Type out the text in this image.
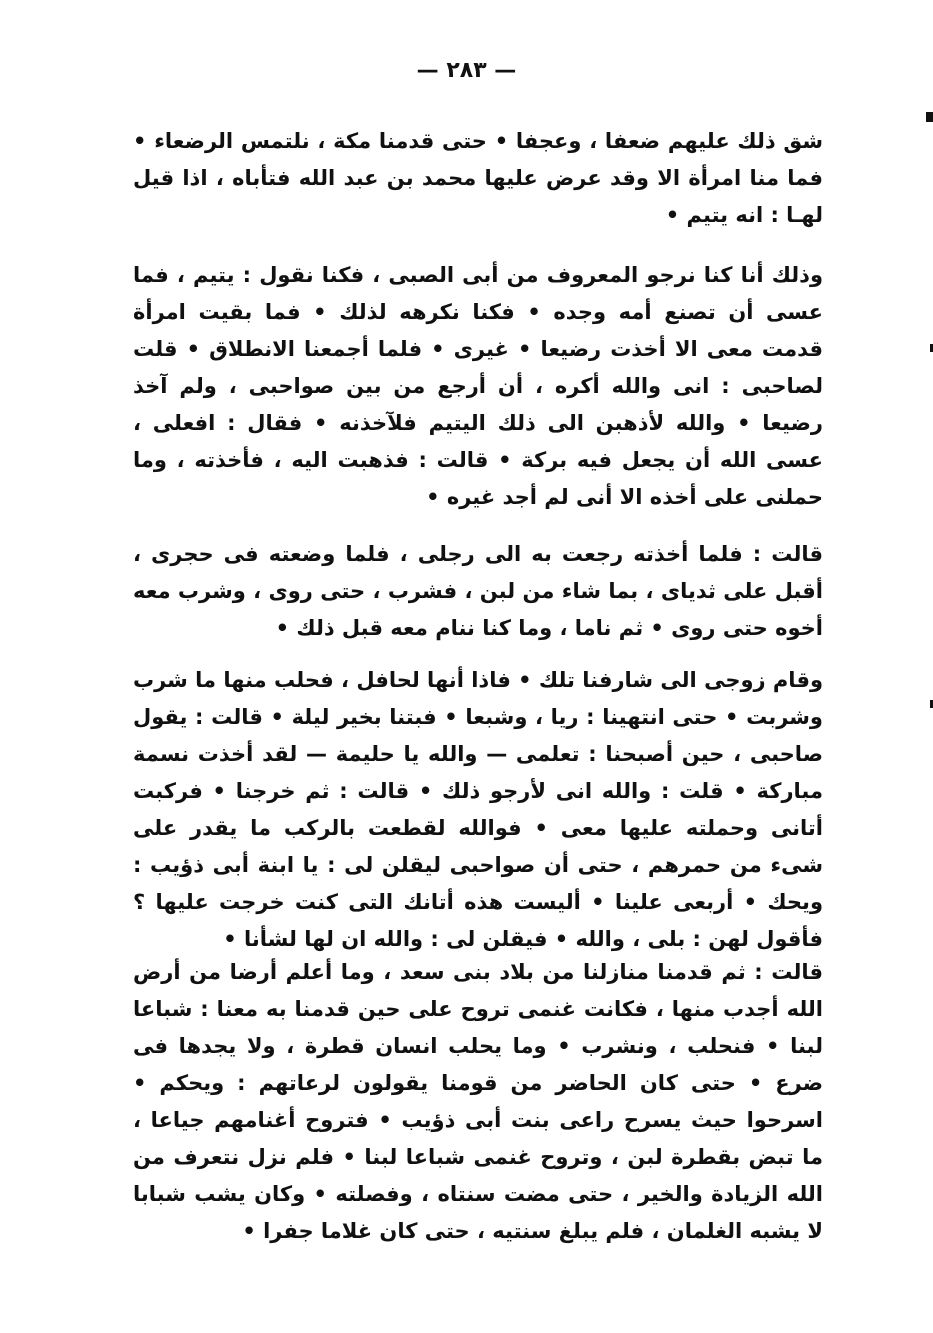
— ٢٨٣ —

شق ذلك عليهم ضعفا ، وعجفا • حتى قدمنا مكة ، نلتمس الرضعاء • فما منا امرأة الا وقد عرض عليها محمد بن عبد الله فتأباه ، اذا قيل لهـا : انه يتيم •

وذلك أنا كنا نرجو المعروف من أبى الصبى ، فكنا نقول : يتيم ، فما عسى أن تصنع أمه وجده • فكنا نكرهه لذلك • فما بقيت امرأة قدمت معى الا أخذت رضيعا • غيرى • فلما أجمعنا الانطلاق • قلت لصاحبى : انى والله أكره ، أن أرجع من بين صواحبى ، ولم آخذ رضيعا • والله لأذهبن الى ذلك اليتيم فلآخذنه • فقال : افعلى ، عسى الله أن يجعل فيه بركة • قالت : فذهبت اليه ، فأخذته ، وما حملنى على أخذه الا أنى لم أجد غيره •

قالت : فلما أخذته رجعت به الى رجلى ، فلما وضعته فى حجرى ، أقبل على ثدياى ، بما شاء من لبن ، فشرب ، حتى روى ، وشرب معه أخوه حتى روى • ثم ناما ، وما كنا ننام معه قبل ذلك •

وقام زوجى الى شارفنا تلك • فاذا أنها لحافل ، فحلب منها ما شرب وشربت • حتى انتهينا : ريا ، وشبعا • فبتنا بخير ليلة • قالت : يقول صاحبى ، حين أصبحنا : تعلمى — والله يا حليمة — لقد أخذت نسمة مباركة • قلت : والله انى لأرجو ذلك • قالت : ثم خرجنا • فركبت أتانى وحملته عليها معى • فوالله لقطعت بالركب ما يقدر على شىء من حمرهم ، حتى أن صواحبى ليقلن لى : يا ابنة أبى ذؤيب : ويحك • أربعى علينا • أليست هذه أتانك التى كنت خرجت عليها ؟ فأقول لهن : بلى ، والله • فيقلن لى : والله ان لها لشأنا •

قالت : ثم قدمنا منازلنا من بلاد بنى سعد ، وما أعلم أرضا من أرض الله أجدب منها ، فكانت غنمى تروح على حين قدمنا به معنا : شباعا لبنا • فنحلب ، ونشرب • وما يحلب انسان قطرة ، ولا يجدها فى ضرع • حتى كان الحاضر من قومنا يقولون لرعاتهم : ويحكم • اسرحوا حيث يسرح راعى بنت أبى ذؤيب • فتروح أغنامهم جياعا ، ما تبض بقطرة لبن ، وتروح غنمى شباعا لبنا • فلم نزل نتعرف من الله الزيادة والخير ، حتى مضت سنتاه ، وفصلته • وكان يشب شبابا لا يشبه الغلمان ، فلم يبلغ سنتيه ، حتى كان غلاما جفرا •
